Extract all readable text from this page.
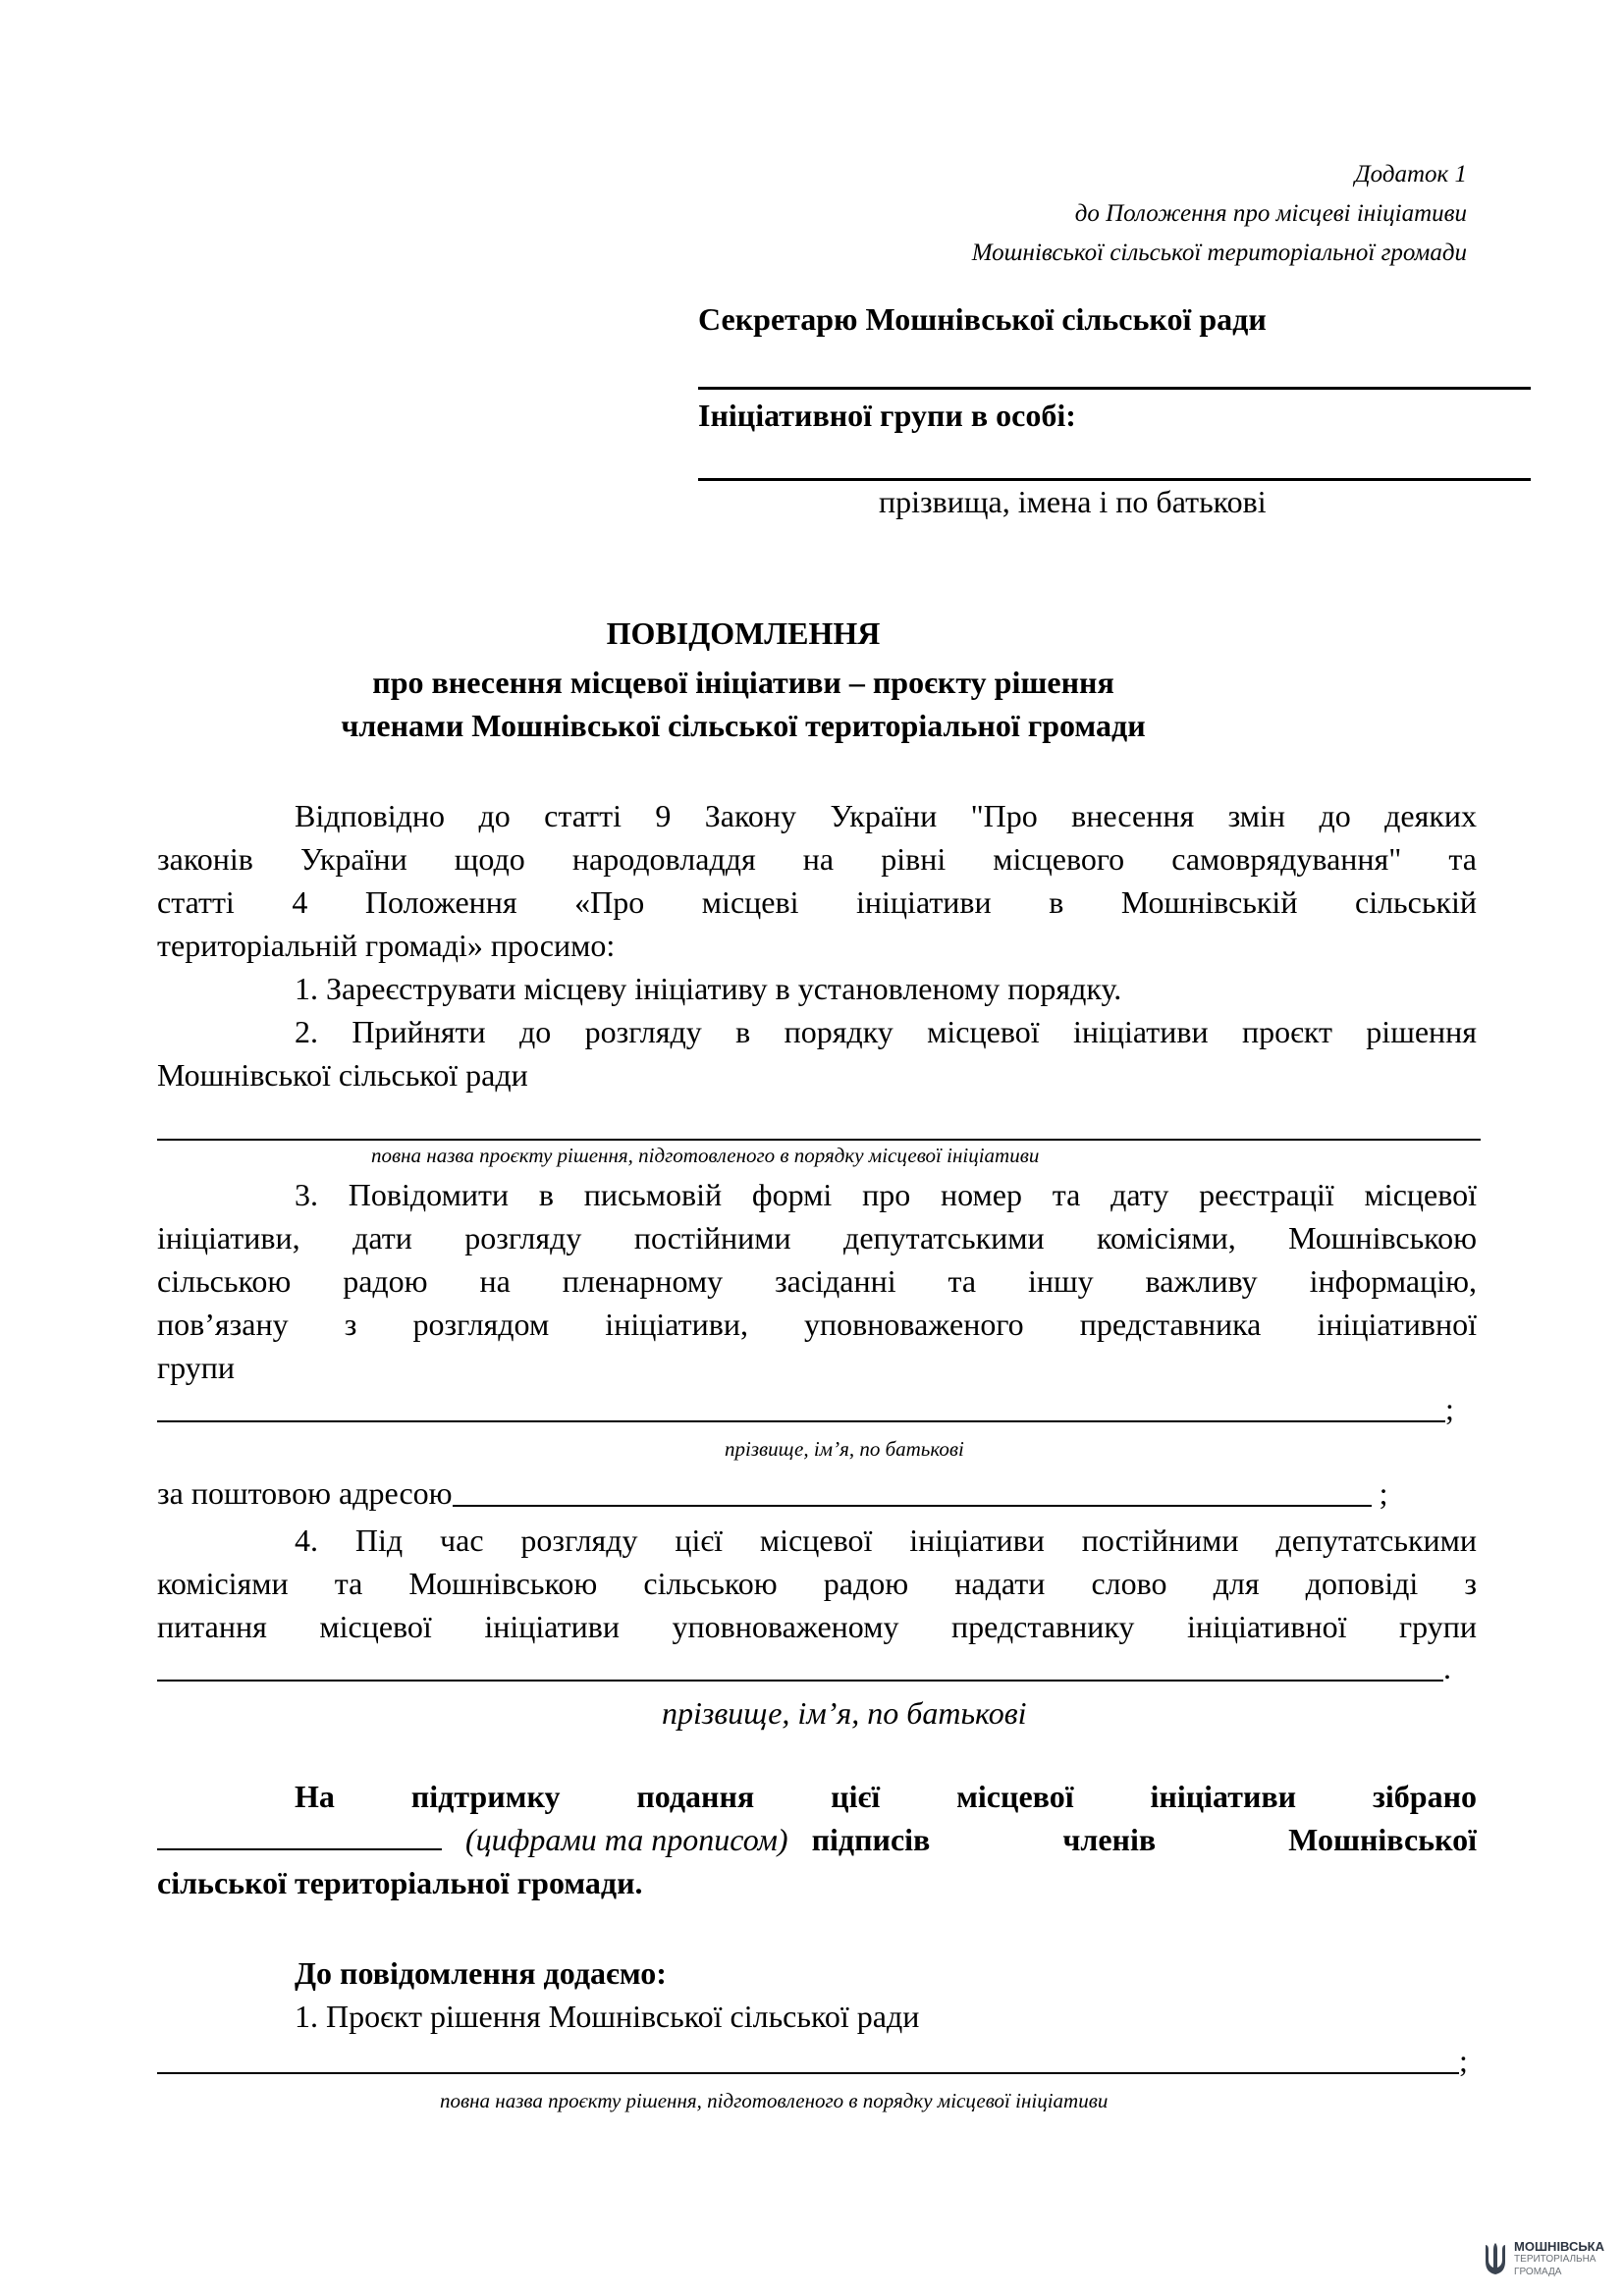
Додаток 1
до Положення про місцеві ініціативи
Мошнівської сільської територіальної громади
Секретарю Мошнівської сільської ради
Ініціативної групи в особі:
прізвища, імена і по батькові
ПОВІДОМЛЕННЯ
про внесення місцевої ініціативи – проєкту рішення
членами Мошнівської сільської територіальної громади
Відповідно до статті 9 Закону України "Про внесення змін до деяких
законів України щодо народовладдя на рівні місцевого самоврядування" та
статті 4 Положення «Про місцеві ініціативи в Мошнівській сільській
територіальній громаді» просимо:
1. Зареєструвати місцеву ініціативу в установленому порядку.
2. Прийняти до розгляду в порядку місцевої ініціативи проєкт рішення
Мошнівської сільської ради
повна назва проєкту рішення, підготовленого в порядку місцевої ініціативи
3. Повідомити в письмовій формі про номер та дату реєстрації місцевої
ініціативи, дати розгляду постійними депутатськими комісіями, Мошнівською
сільською радою на пленарному засіданні та іншу важливу інформацію,
пов’язану з розглядом ініціативи, уповноваженого представника ініціативної
групи
;
прізвище, ім’я, по батькові
за поштовою адресою	;
4. Під час розгляду цієї місцевої ініціативи постійними депутатськими
комісіями та Мошнівською сільською радою надати слово для доповіді з
питання місцевої ініціативи уповноваженому представнику ініціативної групи
.
прізвище, ім’я, по батькові
На підтримку подання цієї місцевої ініціативи зібрано
(цифрами та прописом) підписів членів Мошнівської
сільської територіальної громади.
До повідомлення додаємо:
1. Проєкт рішення Мошнівської сільської ради
;
повна назва проєкту рішення, підготовленого в порядку місцевої ініціативи
МОШНІВСЬКА
ТЕРИТОРІАЛЬНА
ГРОМАДА
